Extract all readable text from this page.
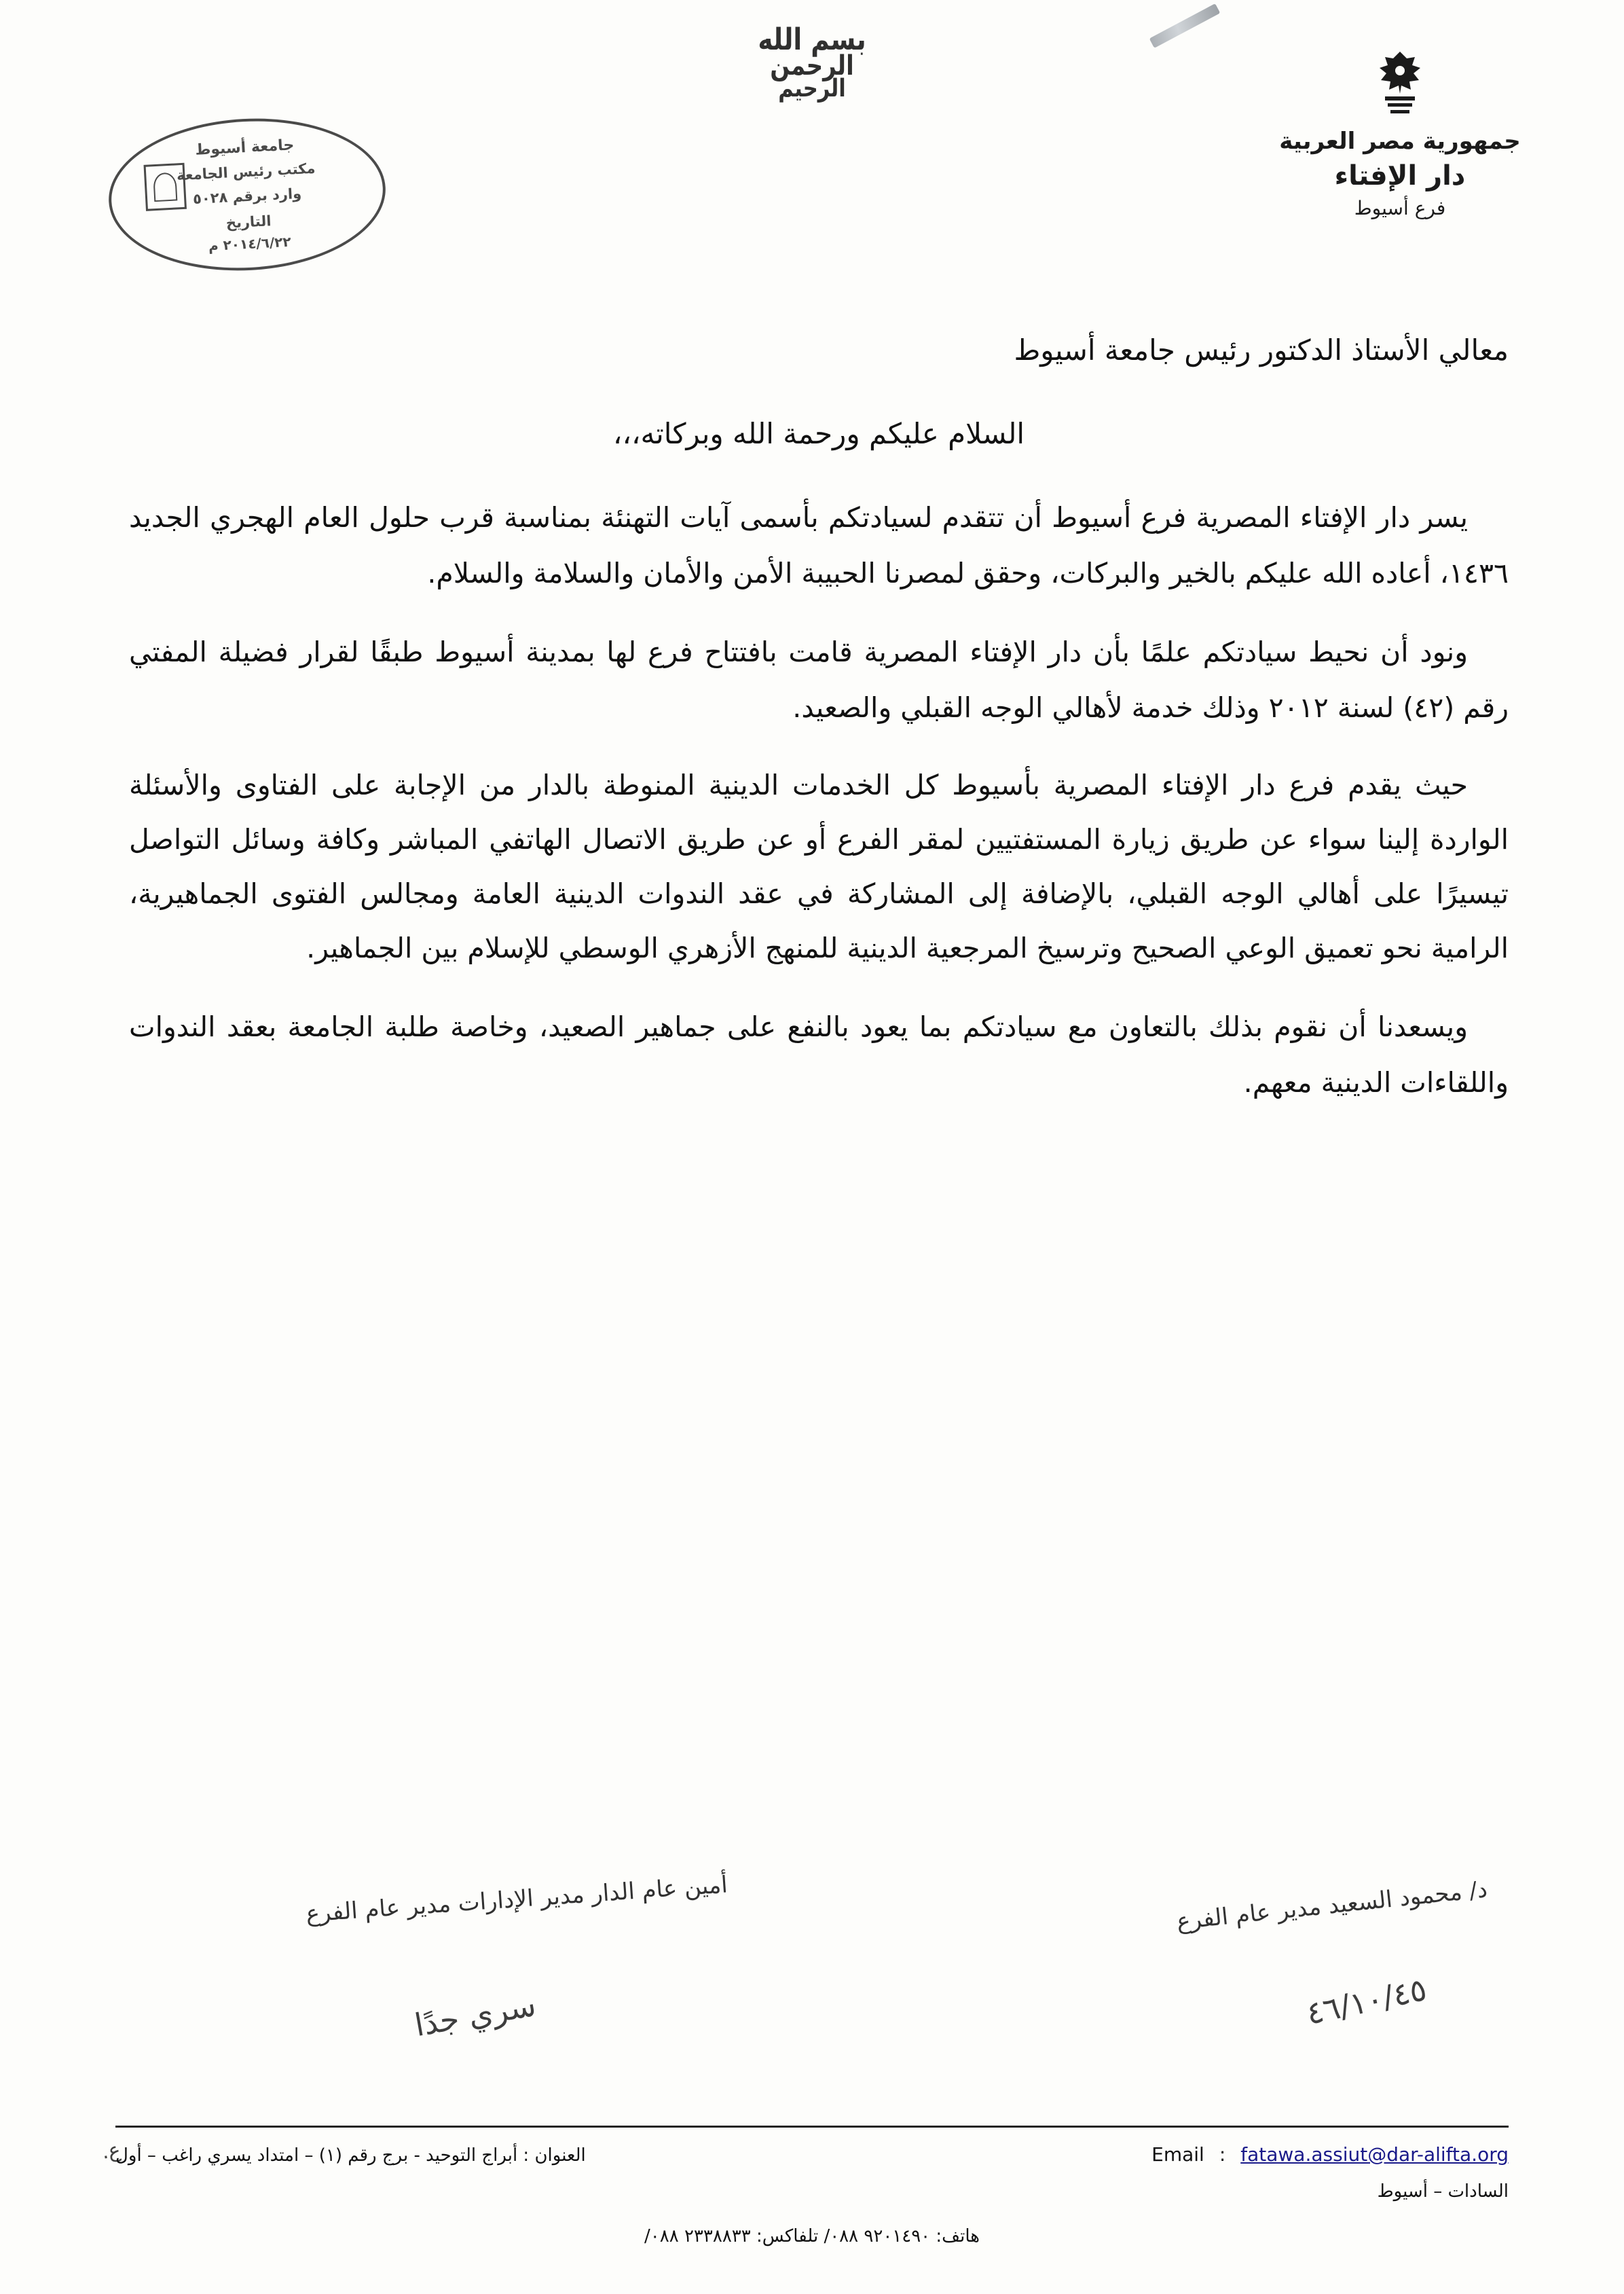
بسم الله
الرحمن
الرحيم
جامعة أسيوط
مكتب رئيس الجامعة
وارد برقم ٥٠٢٨
التاريخ
٢٠١٤/٦/٢٢ م
جمهورية مصر العربية
دار الإفتاء
فرع أسيوط
معالي الأستاذ الدكتور رئيس جامعة أسيوط
السلام عليكم ورحمة الله وبركاته،،،

يسر دار الإفتاء المصرية فرع أسيوط أن تتقدم لسيادتكم بأسمى آيات التهنئة بمناسبة قرب حلول العام الهجري الجديد ١٤٣٦، أعاده الله عليكم بالخير والبركات، وحقق لمصرنا الحبيبة الأمن والأمان والسلامة والسلام.

ونود أن نحيط سيادتكم علمًا بأن دار الإفتاء المصرية قامت بافتتاح فرع لها بمدينة أسيوط طبقًا لقرار فضيلة المفتي رقم (٤٢) لسنة ٢٠١٢ وذلك خدمة لأهالي الوجه القبلي والصعيد.

حيث يقدم فرع دار الإفتاء المصرية بأسيوط كل الخدمات الدينية المنوطة بالدار من الإجابة على الفتاوى والأسئلة الواردة إلينا سواء عن طريق زيارة المستفتيين لمقر الفرع أو عن طريق الاتصال الهاتفي المباشر وكافة وسائل التواصل تيسيرًا على أهالي الوجه القبلي، بالإضافة إلى المشاركة في عقد الندوات الدينية العامة ومجالس الفتوى الجماهيرية، الرامية نحو تعميق الوعي الصحيح وترسيخ المرجعية الدينية للمنهج الأزهري الوسطي للإسلام بين الجماهير.

ويسعدنا أن نقوم بذلك بالتعاون مع سيادتكم بما يعود بالنفع على جماهير الصعيد، وخاصة طلبة الجامعة بعقد الندوات واللقاءات الدينية معهم.

د/ محمود السعيد مدير عام الفرع
أمين عام الدار مدير الإدارات مدير عام الفرع
٤٦/١٠/٤٥
سري جدًا
ع.	Email : fatawa.assiut@dar-alifta.org
العنوان : أبراج التوحيد - برج رقم (١) – امتداد يسري راغب – أول
السادات – أسيوط
هاتف: ٩٢٠١٤٩٠ ٠٨٨/ تلفاكس: ٢٣٣٨٨٣٣ ٠٨٨/
